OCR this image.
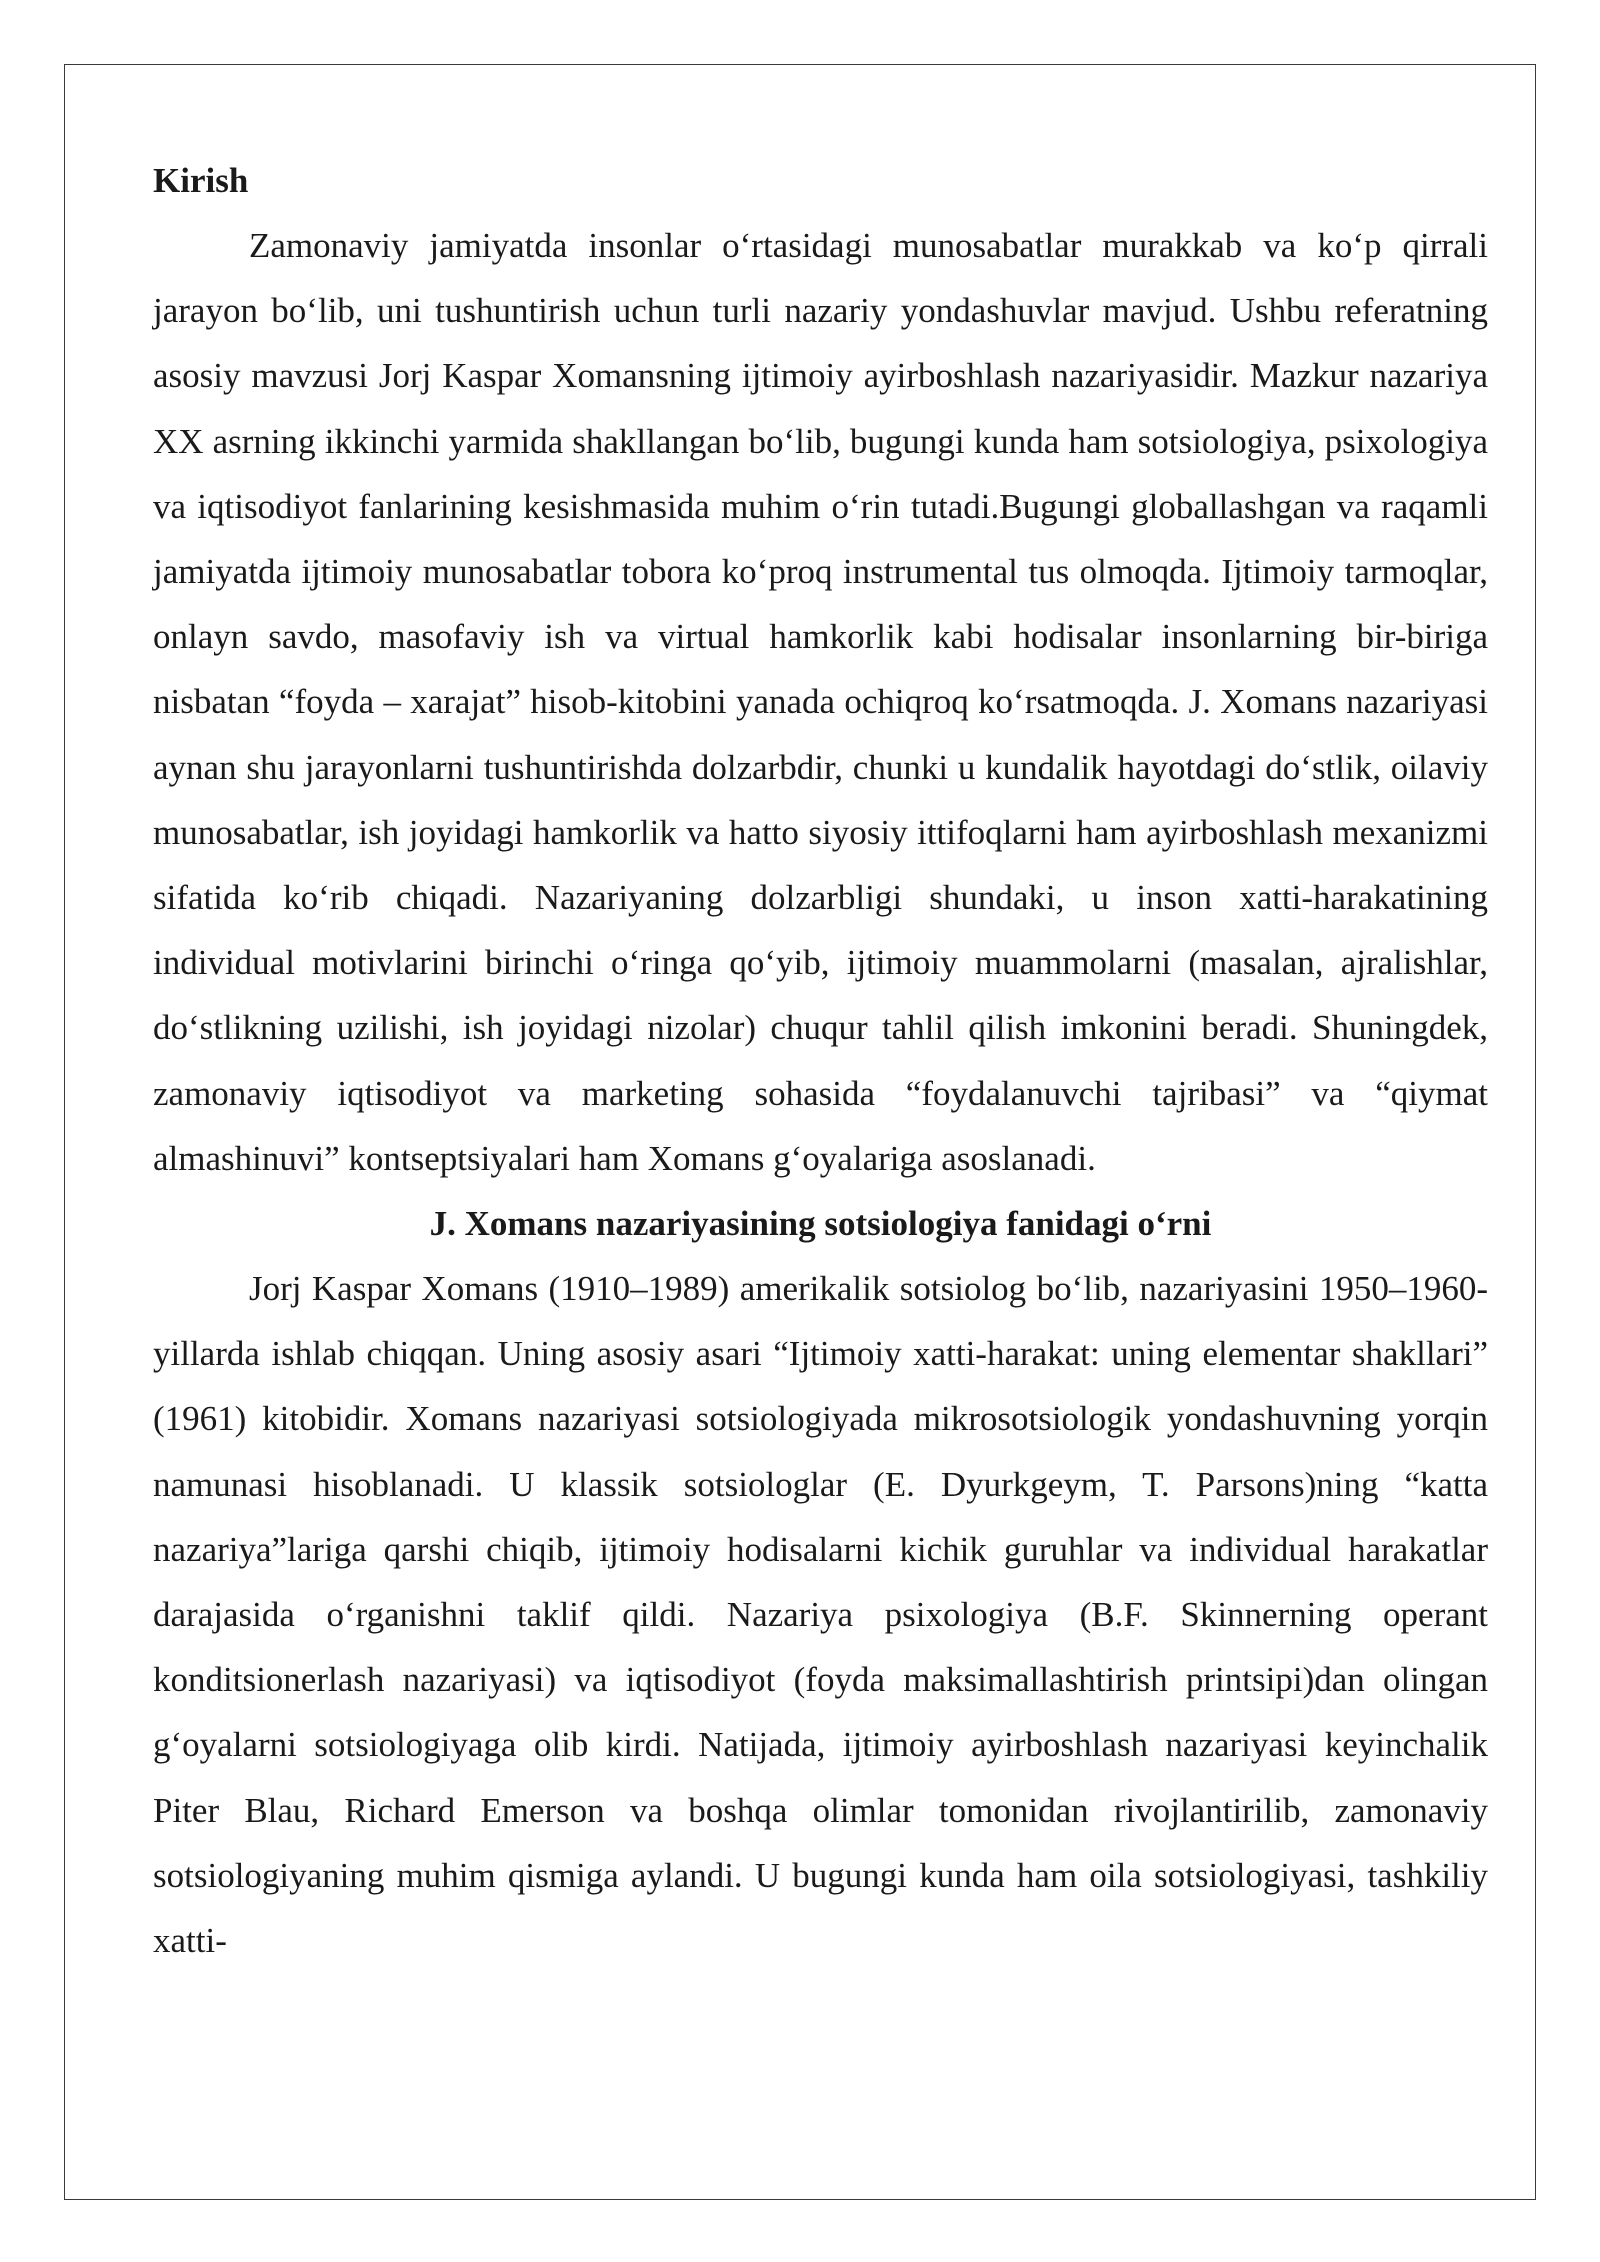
Kirish

Zamonaviy jamiyatda insonlar o‘rtasidagi munosabatlar murakkab va ko‘p qirrali jarayon bo‘lib, uni tushuntirish uchun turli nazariy yondashuvlar mavjud. Ushbu referatning asosiy mavzusi Jorj Kaspar Xomansning ijtimoiy ayirboshlash nazariyasidir. Mazkur nazariya XX asrning ikkinchi yarmida shakllangan bo‘lib, bugungi kunda ham sotsiologiya, psixologiya va iqtisodiyot fanlarining kesishmasida muhim o‘rin tutadi.Bugungi globallashgan va raqamli jamiyatda ijtimoiy munosabatlar tobora ko‘proq instrumental tus olmoqda. Ijtimoiy tarmoqlar, onlayn savdo, masofaviy ish va virtual hamkorlik kabi hodisalar insonlarning bir-biriga nisbatan “foyda – xarajat” hisob-kitobini yanada ochiqroq ko‘rsatmoqda. J. Xomans nazariyasi aynan shu jarayonlarni tushuntirishda dolzarbdir, chunki u kundalik hayotdagi do‘stlik, oilaviy munosabatlar, ish joyidagi hamkorlik va hatto siyosiy ittifoqlarni ham ayirboshlash mexanizmi sifatida ko‘rib chiqadi. Nazariyaning dolzarbligi shundaki, u inson xatti-harakatining individual motivlarini birinchi o‘ringa qo‘yib, ijtimoiy muammolarni (masalan, ajralishlar, do‘stlikning uzilishi, ish joyidagi nizolar) chuqur tahlil qilish imkonini beradi. Shuningdek, zamonaviy iqtisodiyot va marketing sohasida “foydalanuvchi tajribasi” va “qiymat almashinuvi” kontseptsiyalari ham Xomans g‘oyalariga asoslanadi.

J. Xomans nazariyasining sotsiologiya fanidagi o‘rni

Jorj Kaspar Xomans (1910–1989) amerikalik sotsiolog bo‘lib, nazariyasini 1950–1960-yillarda ishlab chiqqan. Uning asosiy asari “Ijtimoiy xatti-harakat: uning elementar shakllari” (1961) kitobidir. Xomans nazariyasi sotsiologiyada mikrosotsiologik yondashuvning yorqin namunasi hisoblanadi. U klassik sotsiologlar (E. Dyurkgeym, T. Parsons)ning “katta nazariya”lariga qarshi chiqib, ijtimoiy hodisalarni kichik guruhlar va individual harakatlar darajasida o‘rganishni taklif qildi. Nazariya psixologiya (B.F. Skinnerning operant konditsionerlash nazariyasi) va iqtisodiyot (foyda maksimallashtirish printsipi)dan olingan g‘oyalarni sotsiologiyaga olib kirdi. Natijada, ijtimoiy ayirboshlash nazariyasi keyinchalik Piter Blau, Richard Emerson va boshqa olimlar tomonidan rivojlantirilib, zamonaviy sotsiologiyaning muhim qismiga aylandi. U bugungi kunda ham oila sotsiologiyasi, tashkiliy xatti-
